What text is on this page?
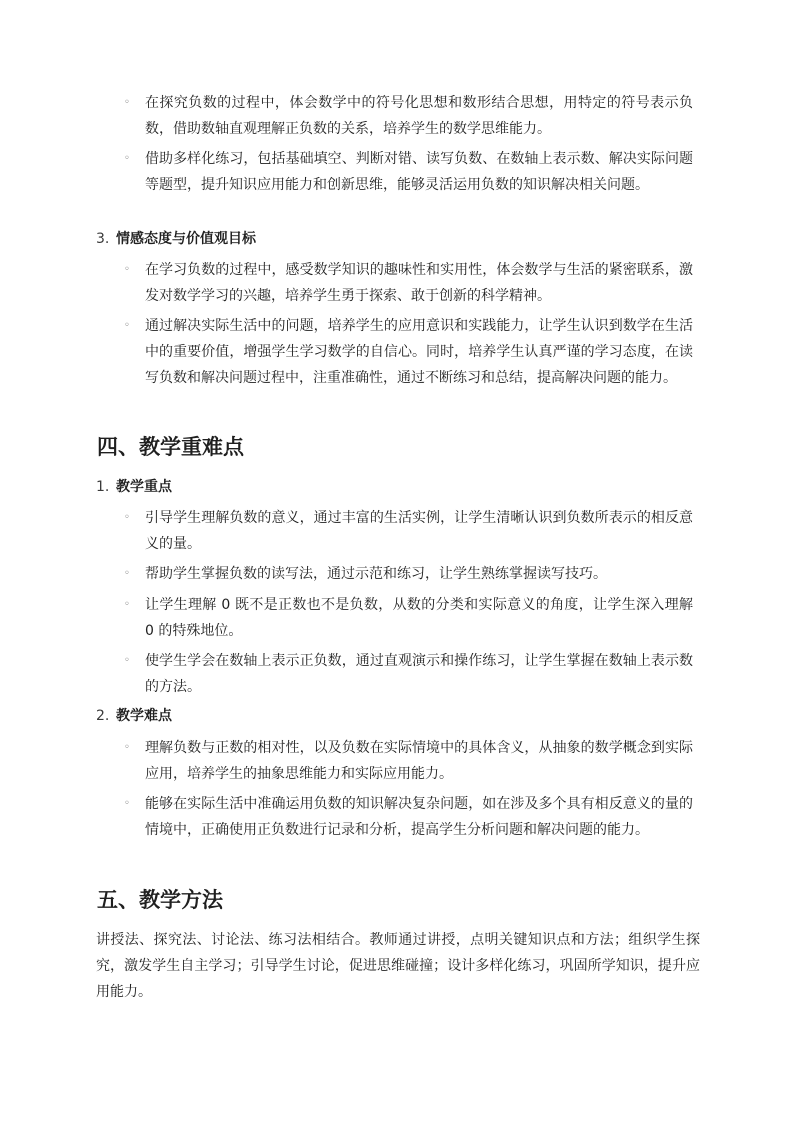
◦ 在探究负数的过程中，体会数学中的符号化思想和数形结合思想，用特定的符号表示负数，借助数轴直观理解正负数的关系，培养学生的数学思维能力。

◦ 借助多样化练习，包括基础填空、判断对错、读写负数、在数轴上表示数、解决实际问题等题型，提升知识应用能力和创新思维，能够灵活运用负数的知识解决相关问题。

3. 情感态度与价值观目标
◦ 在学习负数的过程中，感受数学知识的趣味性和实用性，体会数学与生活的紧密联系，激发对数学学习的兴趣，培养学生勇于探索、敢于创新的科学精神。

◦ 通过解决实际生活中的问题，培养学生的应用意识和实践能力，让学生认识到数学在生活中的重要价值，增强学生学习数学的自信心。同时，培养学生认真严谨的学习态度，在读写负数和解决问题过程中，注重准确性，通过不断练习和总结，提高解决问题的能力。

四、教学重难点
1. 教学重点
◦ 引导学生理解负数的意义，通过丰富的生活实例，让学生清晰认识到负数所表示的相反意义的量。

◦ 帮助学生掌握负数的读写法，通过示范和练习，让学生熟练掌握读写技巧。

◦ 让学生理解 0 既不是正数也不是负数，从数的分类和实际意义的角度，让学生深入理解 0 的特殊地位。

◦ 使学生学会在数轴上表示正负数，通过直观演示和操作练习，让学生掌握在数轴上表示数的方法。

2. 教学难点
◦ 理解负数与正数的相对性，以及负数在实际情境中的具体含义，从抽象的数学概念到实际应用，培养学生的抽象思维能力和实际应用能力。

◦ 能够在实际生活中准确运用负数的知识解决复杂问题，如在涉及多个具有相反意义的量的情境中，正确使用正负数进行记录和分析，提高学生分析问题和解决问题的能力。

五、教学方法

讲授法、探究法、讨论法、练习法相结合。教师通过讲授，点明关键知识点和方法；组织学生探究，激发学生自主学习；引导学生讨论，促进思维碰撞；设计多样化练习，巩固所学知识，提升应用能力。
